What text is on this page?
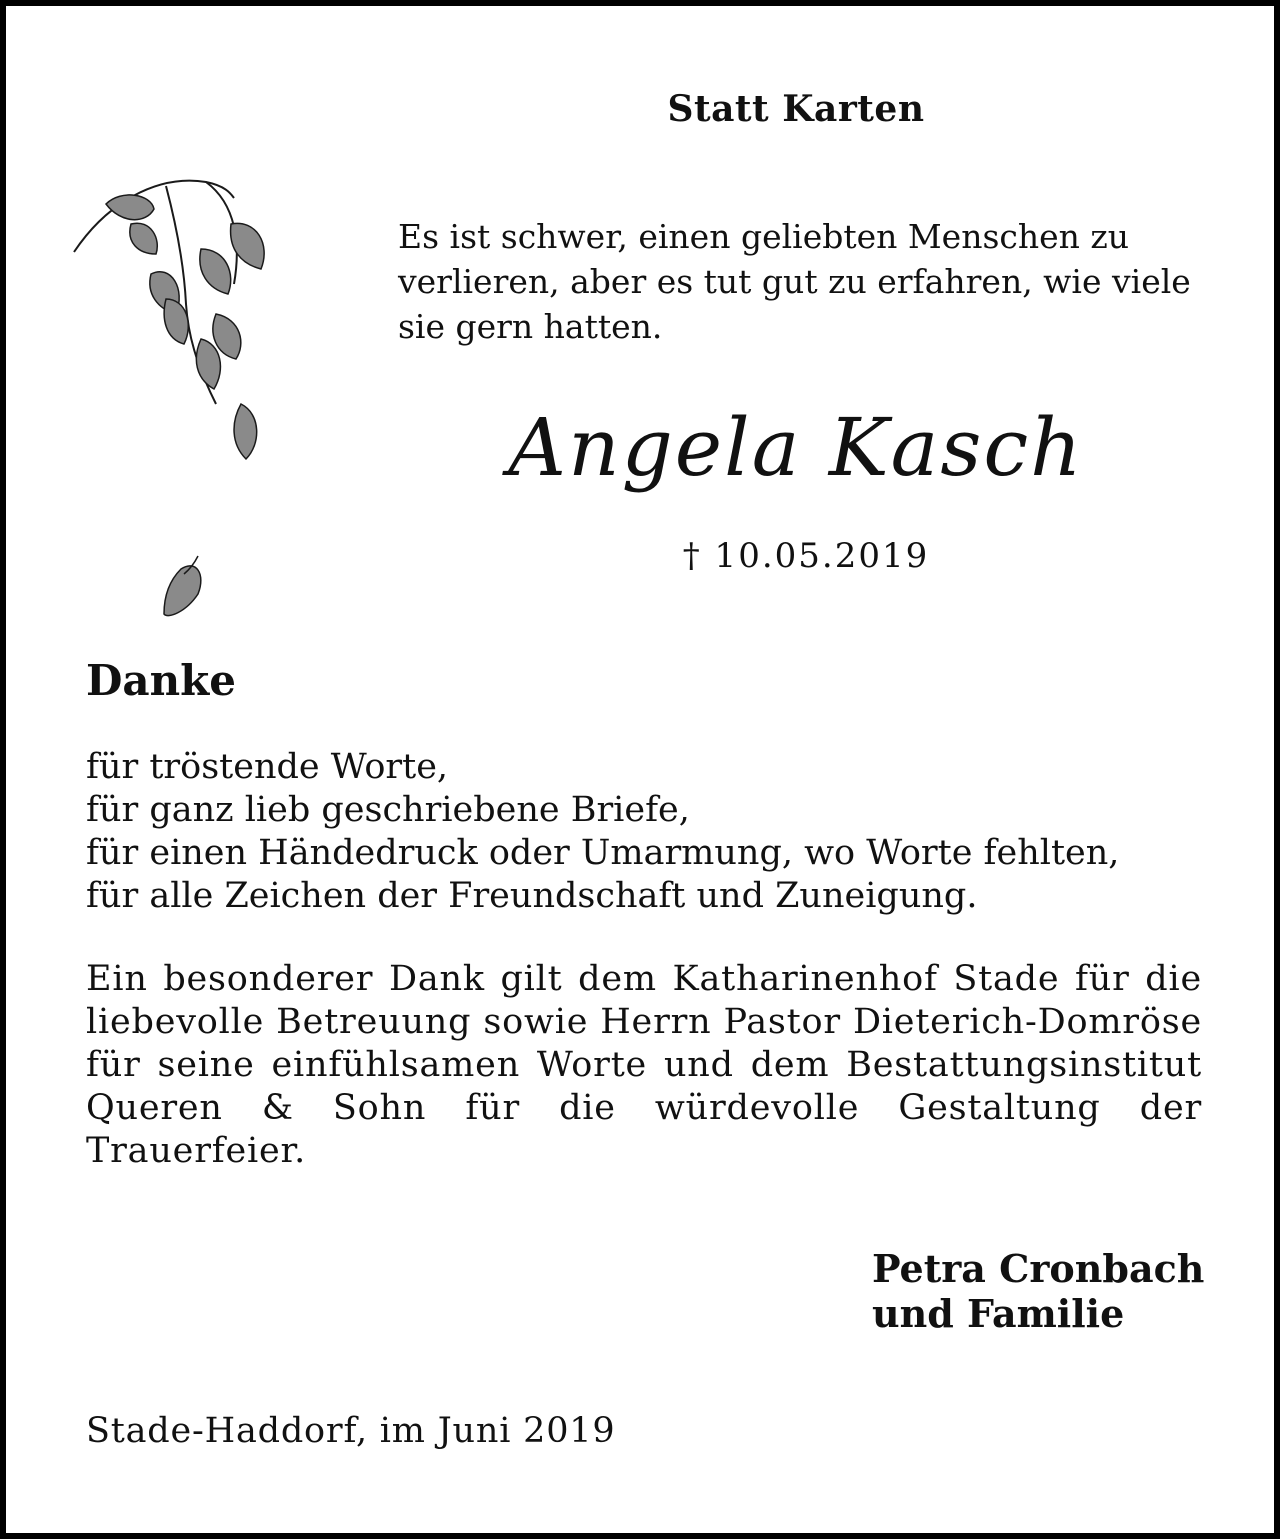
Statt Karten

Es ist schwer, einen geliebten Menschen zu verlieren, aber es tut gut zu erfahren, wie viele sie gern hatten.

Angela Kasch

† 10.05.2019

Danke

für tröstende Worte,
für ganz lieb geschriebene Briefe,
für einen Händedruck oder Umarmung, wo Worte fehlten,
für alle Zeichen der Freundschaft und Zuneigung.

Ein besonderer Dank gilt dem Katharinenhof Stade für die liebevolle Betreuung sowie Herrn Pastor Dieterich-Domröse für seine einfühlsamen Worte und dem Bestattungsinstitut Queren & Sohn für die würdevolle Gestaltung der Trauerfeier.

Petra Cronbach
und Familie

Stade-Haddorf, im Juni 2019
